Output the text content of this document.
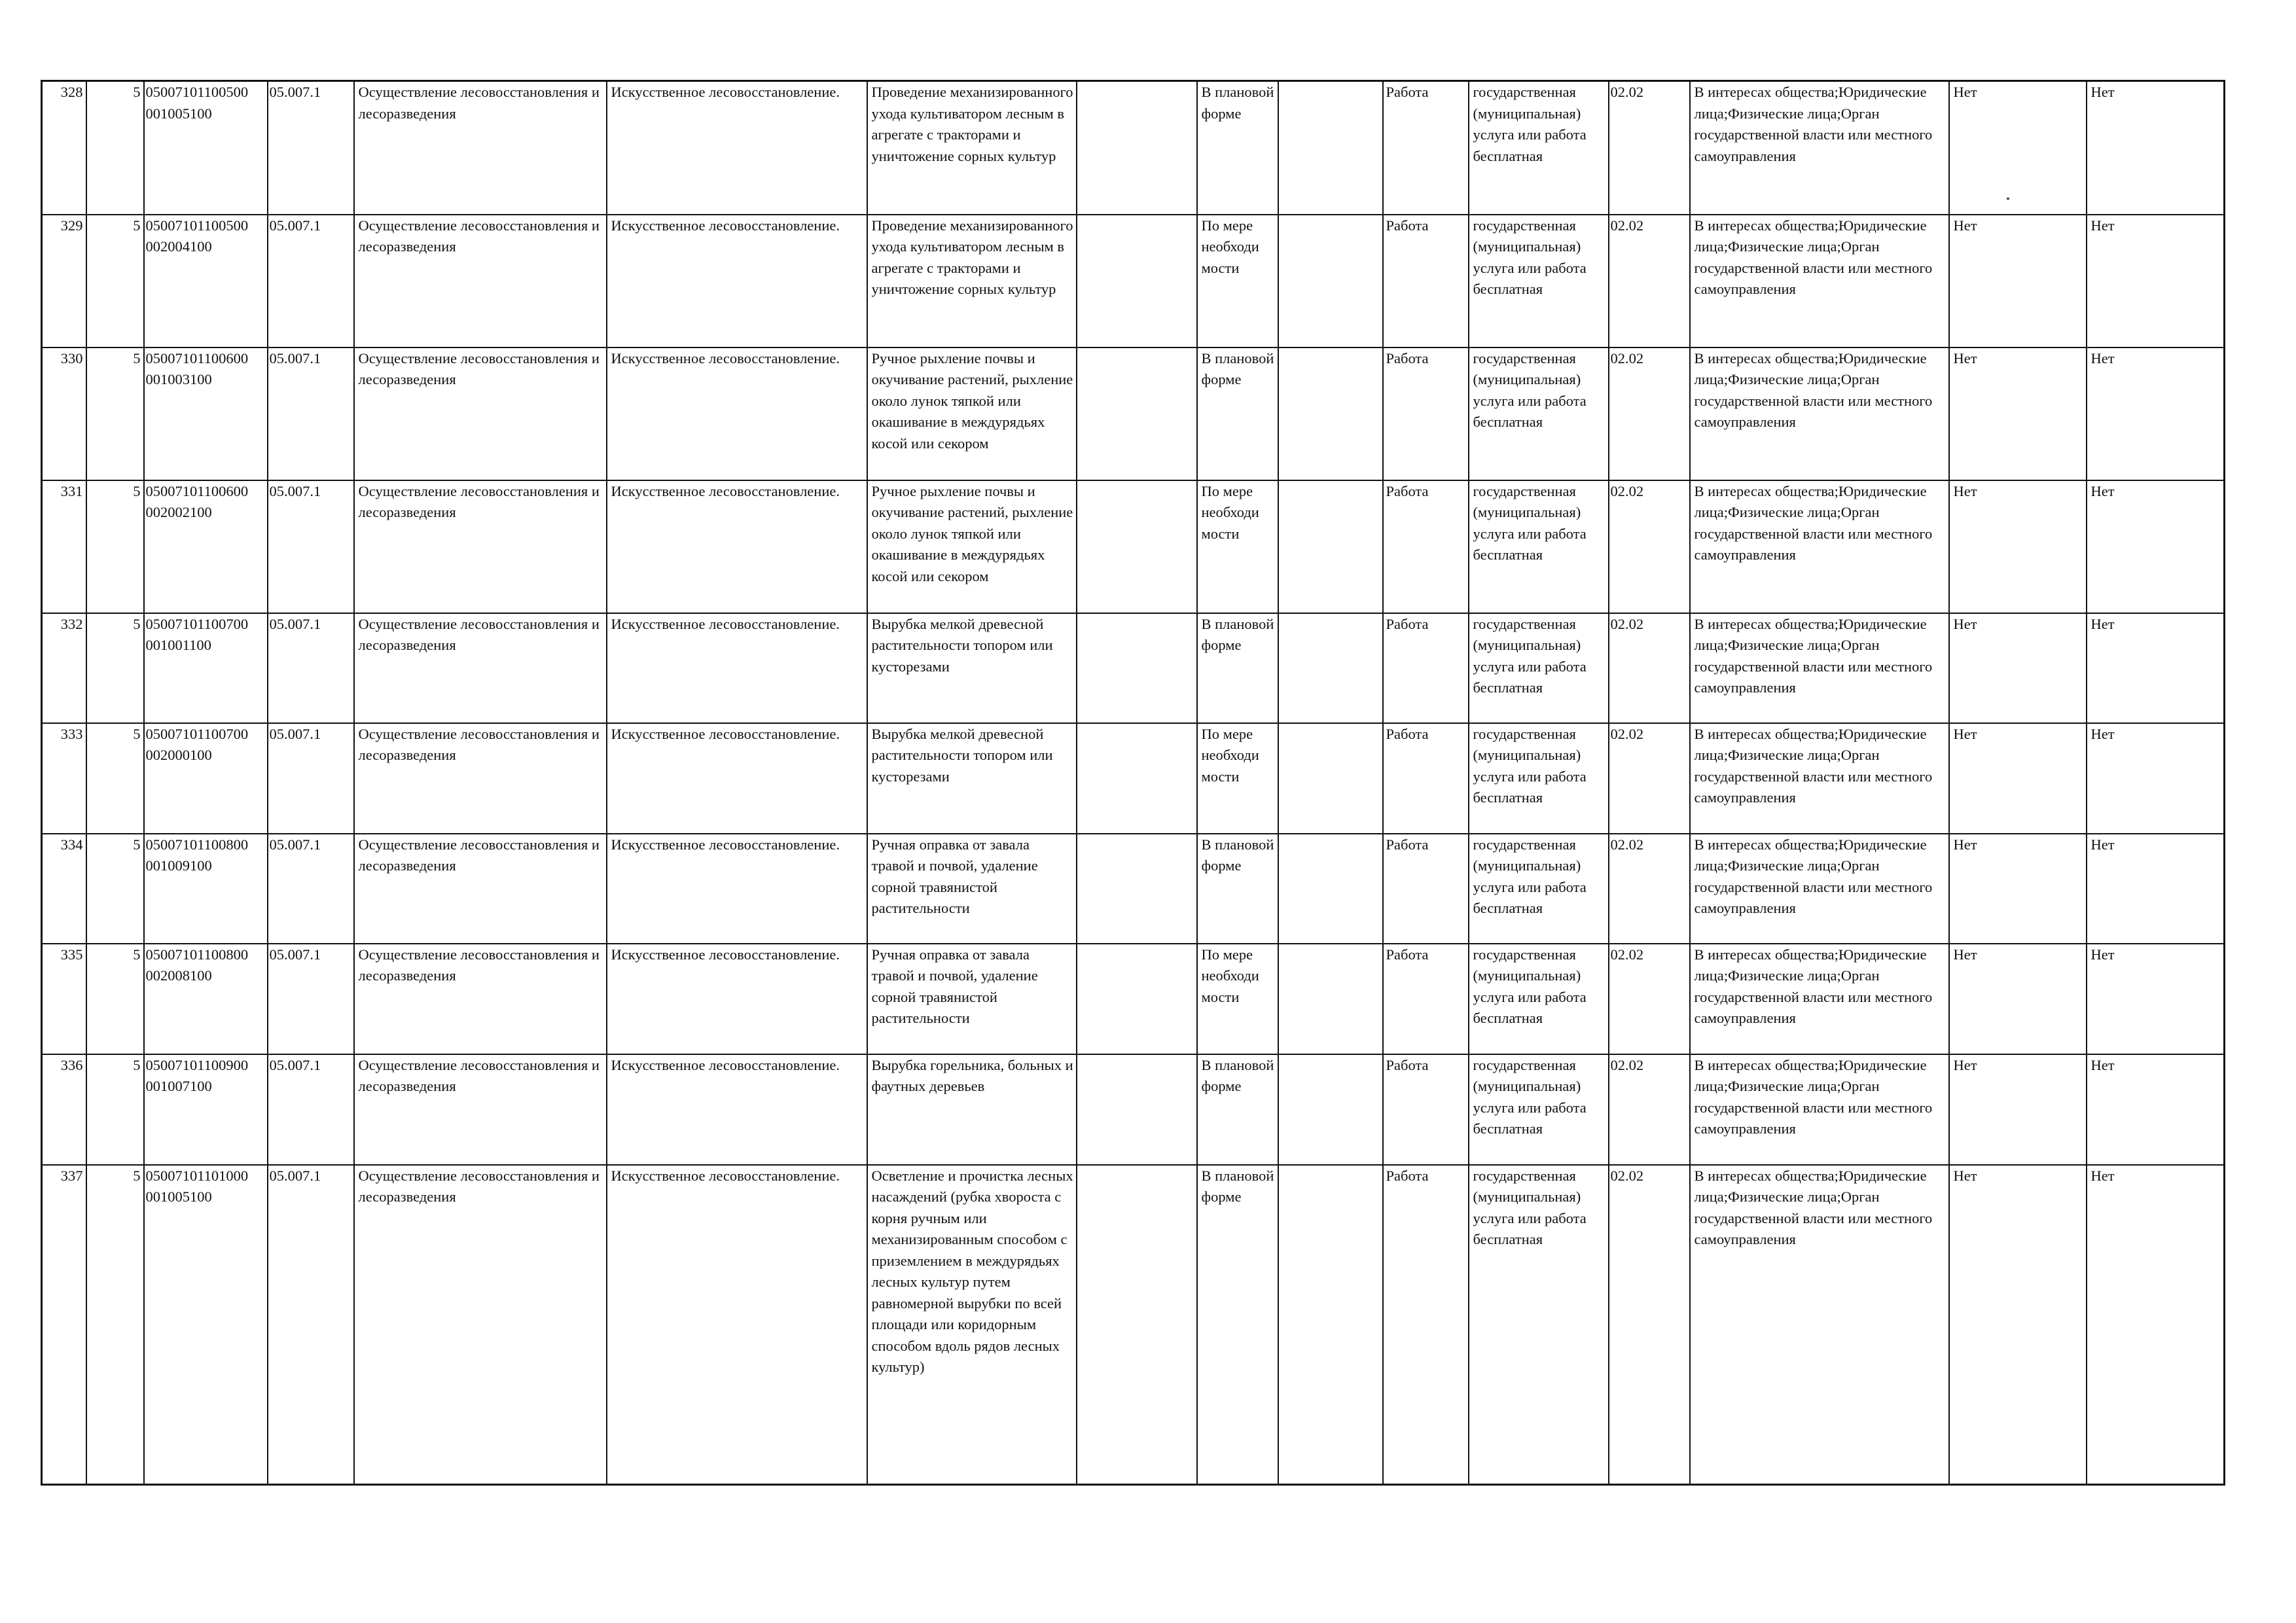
328	5	05007101100500 001005100	05.007.1	Осуществление лесовосстановления и лесоразведения	Искусственное лесовосстановление.	Проведение механизированного ухода культиватором лесным в агрегате с тракторами и уничтожение сорных культур		В плановой форме		Работа	государственная (муниципальная) услуга или работа бесплатная	02.02	В интересах общества;Юридические лица;Физические лица;Орган государственной власти или местного самоуправления	Нет	Нет
329	5	05007101100500 002004100	05.007.1	Осуществление лесовосстановления и лесоразведения	Искусственное лесовосстановление.	Проведение механизированного ухода культиватором лесным в агрегате с тракторами и уничтожение сорных культур		По мере необходи мости		Работа	государственная (муниципальная) услуга или работа бесплатная	02.02	В интересах общества;Юридические лица;Физические лица;Орган государственной власти или местного самоуправления	Нет	Нет
330	5	05007101100600 001003100	05.007.1	Осуществление лесовосстановления и лесоразведения	Искусственное лесовосстановление.	Ручное рыхление почвы и окучивание растений, рыхление около лунок тяпкой или окашивание в междурядьях косой или секором		В плановой форме		Работа	государственная (муниципальная) услуга или работа бесплатная	02.02	В интересах общества;Юридические лица;Физические лица;Орган государственной власти или местного самоуправления	Нет	Нет
331	5	05007101100600 002002100	05.007.1	Осуществление лесовосстановления и лесоразведения	Искусственное лесовосстановление.	Ручное рыхление почвы и окучивание растений, рыхление около лунок тяпкой или окашивание в междурядьях косой или секором		По мере необходи мости		Работа	государственная (муниципальная) услуга или работа бесплатная	02.02	В интересах общества;Юридические лица;Физические лица;Орган государственной власти или местного самоуправления	Нет	Нет
332	5	05007101100700 001001100	05.007.1	Осуществление лесовосстановления и лесоразведения	Искусственное лесовосстановление.	Вырубка мелкой древесной растительности топором или кусторезами		В плановой форме		Работа	государственная (муниципальная) услуга или работа бесплатная	02.02	В интересах общества;Юридические лица;Физические лица;Орган государственной власти или местного самоуправления	Нет	Нет
333	5	05007101100700 002000100	05.007.1	Осуществление лесовосстановления и лесоразведения	Искусственное лесовосстановление.	Вырубка мелкой древесной растительности топором или кусторезами		По мере необходи мости		Работа	государственная (муниципальная) услуга или работа бесплатная	02.02	В интересах общества;Юридические лица;Физические лица;Орган государственной власти или местного самоуправления	Нет	Нет
334	5	05007101100800 001009100	05.007.1	Осуществление лесовосстановления и лесоразведения	Искусственное лесовосстановление.	Ручная оправка от завала травой и почвой, удаление сорной травянистой растительности		В плановой форме		Работа	государственная (муниципальная) услуга или работа бесплатная	02.02	В интересах общества;Юридические лица;Физические лица;Орган государственной власти или местного самоуправления	Нет	Нет
335	5	05007101100800 002008100	05.007.1	Осуществление лесовосстановления и лесоразведения	Искусственное лесовосстановление.	Ручная оправка от завала травой и почвой, удаление сорной травянистой растительности		По мере необходи мости		Работа	государственная (муниципальная) услуга или работа бесплатная	02.02	В интересах общества;Юридические лица;Физические лица;Орган государственной власти или местного самоуправления	Нет	Нет
336	5	05007101100900 001007100	05.007.1	Осуществление лесовосстановления и лесоразведения	Искусственное лесовосстановление.	Вырубка горельника, больных и фаутных деревьев		В плановой форме		Работа	государственная (муниципальная) услуга или работа бесплатная	02.02	В интересах общества;Юридические лица;Физические лица;Орган государственной власти или местного самоуправления	Нет	Нет
337	5	05007101101000 001005100	05.007.1	Осуществление лесовосстановления и лесоразведения	Искусственное лесовосстановление.	Осветление и прочистка лесных насаждений (рубка хвороста с корня ручным или механизированным способом с приземлением в междурядьях лесных культур путем равномерной вырубки по всей площади или коридорным способом вдоль рядов лесных культур)		В плановой форме		Работа	государственная (муниципальная) услуга или работа бесплатная	02.02	В интересах общества;Юридические лица;Физические лица;Орган государственной власти или местного самоуправления	Нет	Нет
